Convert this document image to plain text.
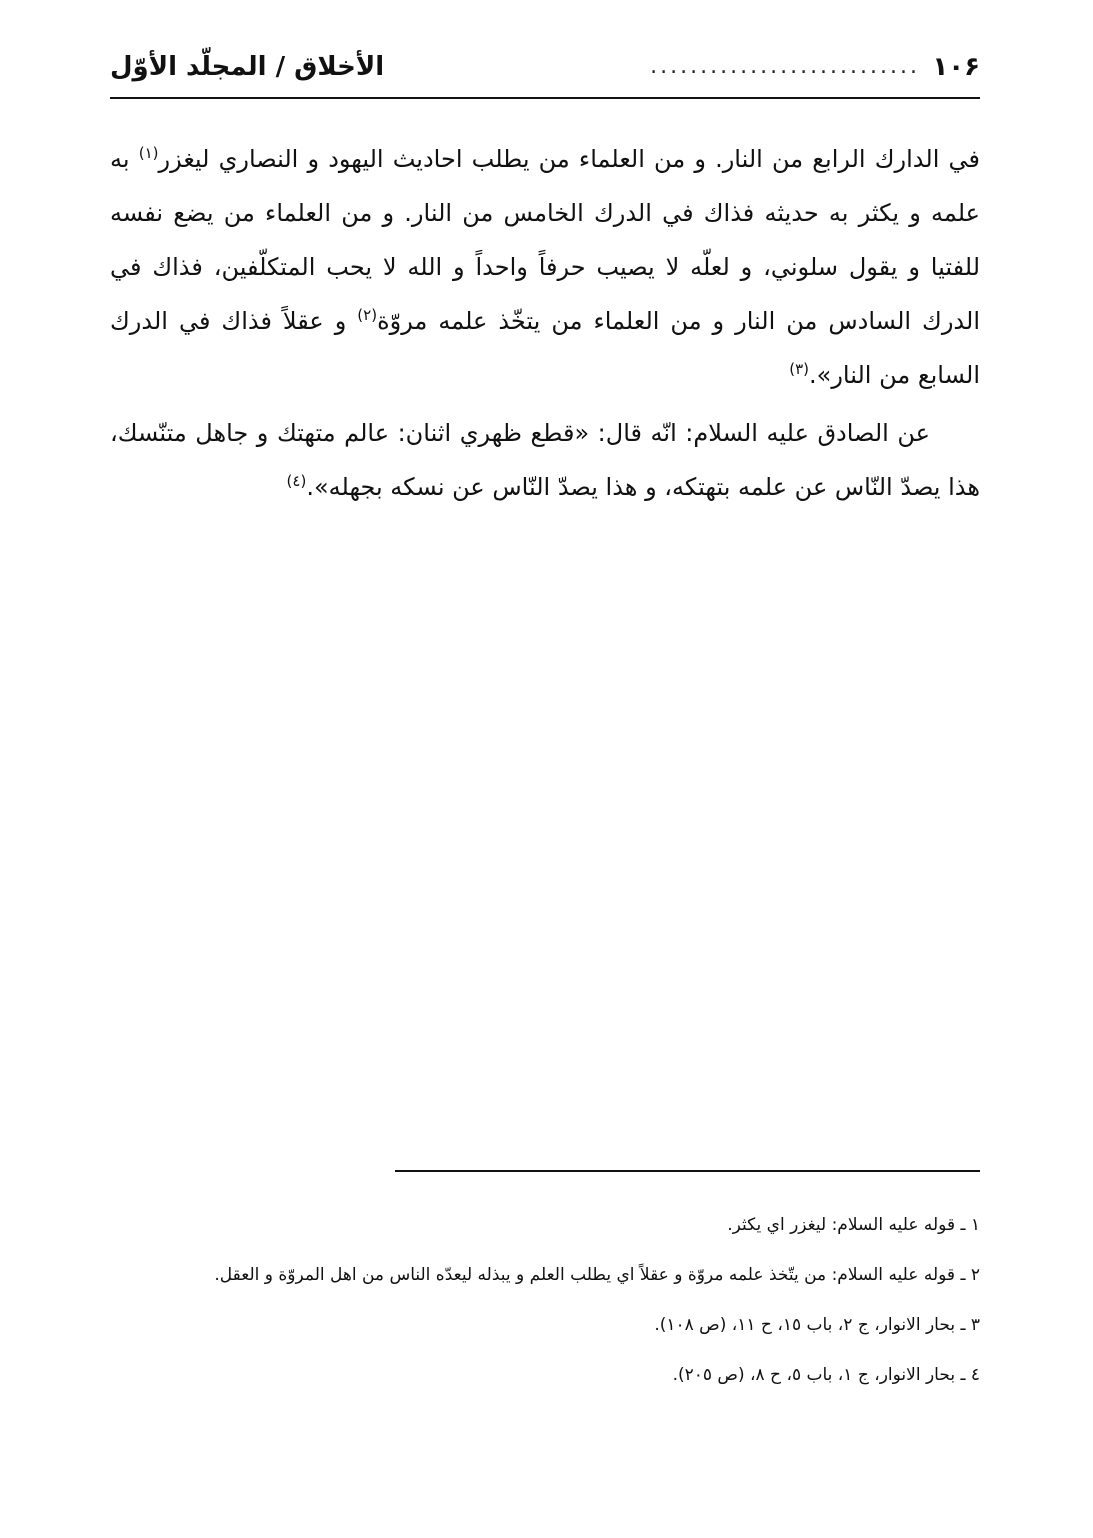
١٠۶
...........................
الأخلاق / المجلّد الأوّل

في الدارك الرابع من النار. و من العلماء من يطلب احاديث اليهود و النصاري ليغزر$^{(١)}$ به علمه و يكثر به حديثه فذاك في الدرك الخامس من النار. و من العلماء من يضع نفسه للفتيا و يقول سلوني، و لعلّه لا يصيب حرفاً واحداً و الله لا يحب المتكلّفين، فذاك في الدرك السادس من النار و من العلماء من يتخّذ علمه مروّة$^{(٢)}$ و عقلاً فذاك في الدرك السابع من النار».$^{(٣)}$

عن الصادق عليه السلام: انّه قال: «قطع ظهري اثنان: عالم متهتك و جاهل متنّسك، هذا يصدّ النّاس عن علمه بتهتكه، و هذا يصدّ النّاس عن نسكه بجهله».$^{(٤)}$

١ ـ قوله عليه السلام: ليغزر اي يكثر.
٢ ـ قوله عليه السلام: من يتّخذ علمه مروّة و عقلاً اي يطلب العلم و يبذله ليعدّه الناس من اهل المروّة و العقل.
٣ ـ بحار الانوار، ج ٢، باب ١٥، ح ١١، (ص ١٠٨).
٤ ـ بحار الانوار، ج ١، باب ٥، ح ٨، (ص ٢٠٥).
